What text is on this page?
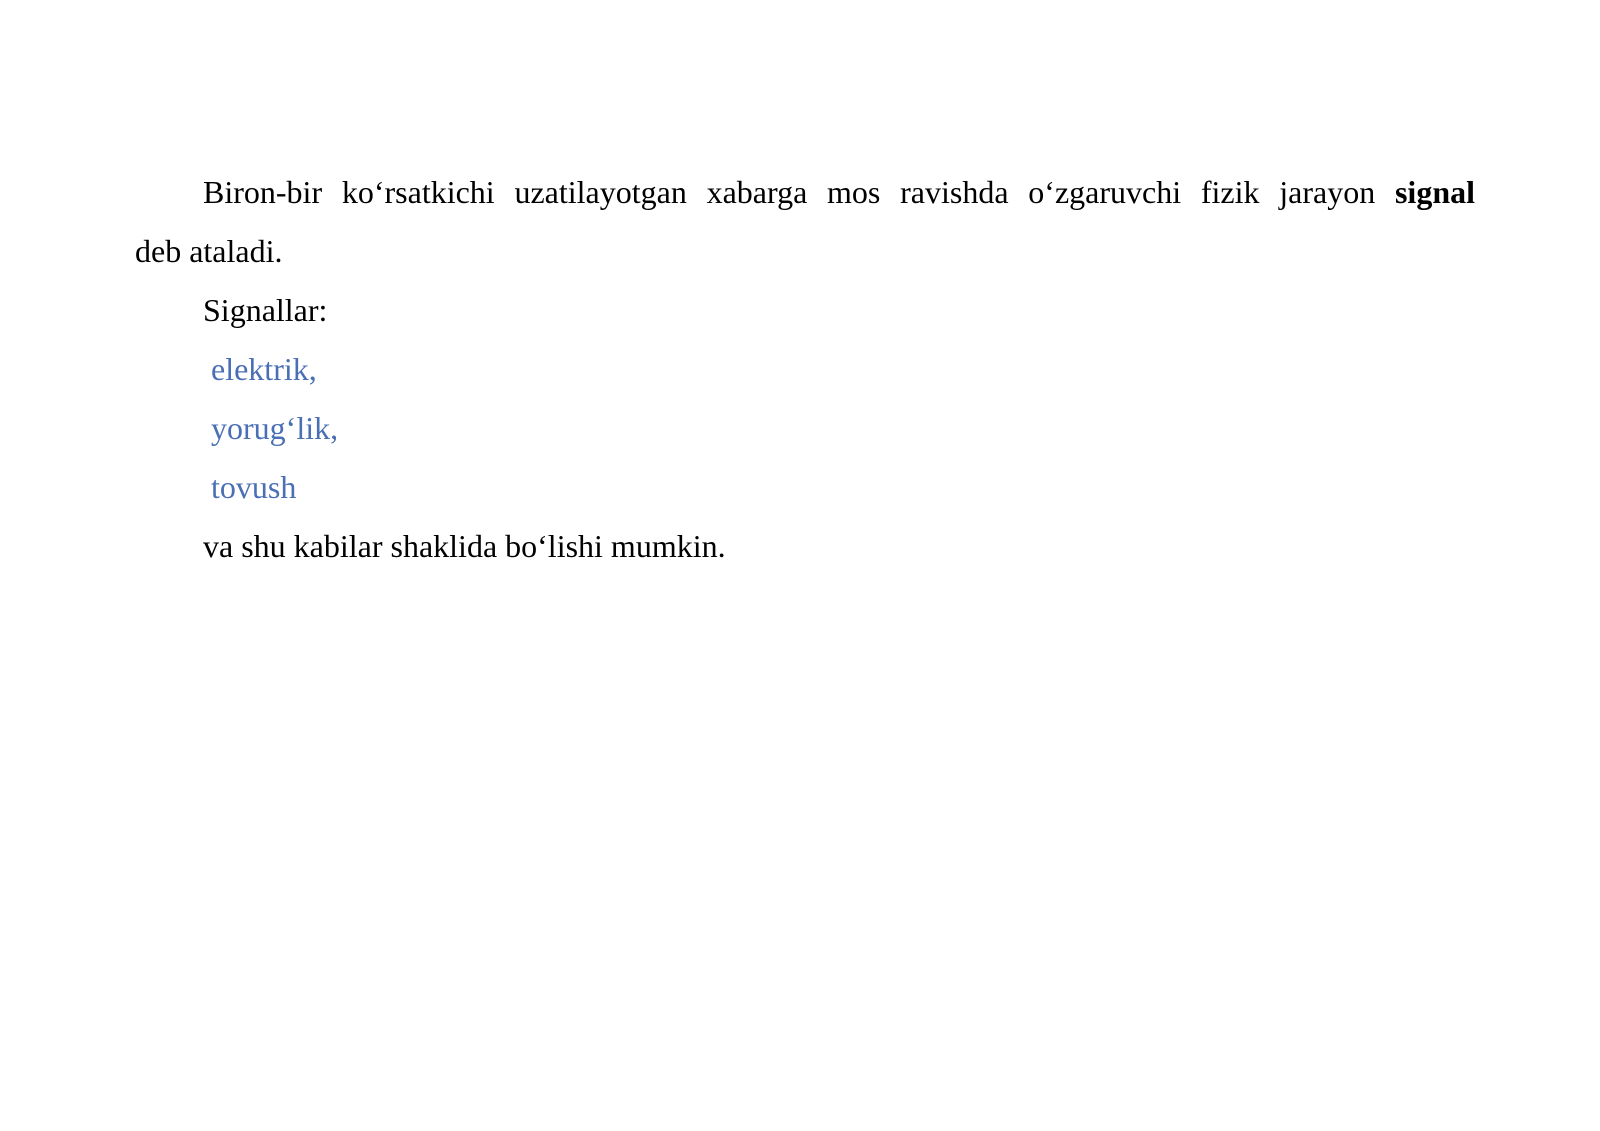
Biron-bir ko‘rsatkichi uzatilayotgan xabarga mos ravishda o‘zgaruvchi fizik jarayon signal
deb ataladi.
Signallar:
elektrik,
yorug‘lik,
tovush
va shu kabilar shaklida bo‘lishi mumkin.
